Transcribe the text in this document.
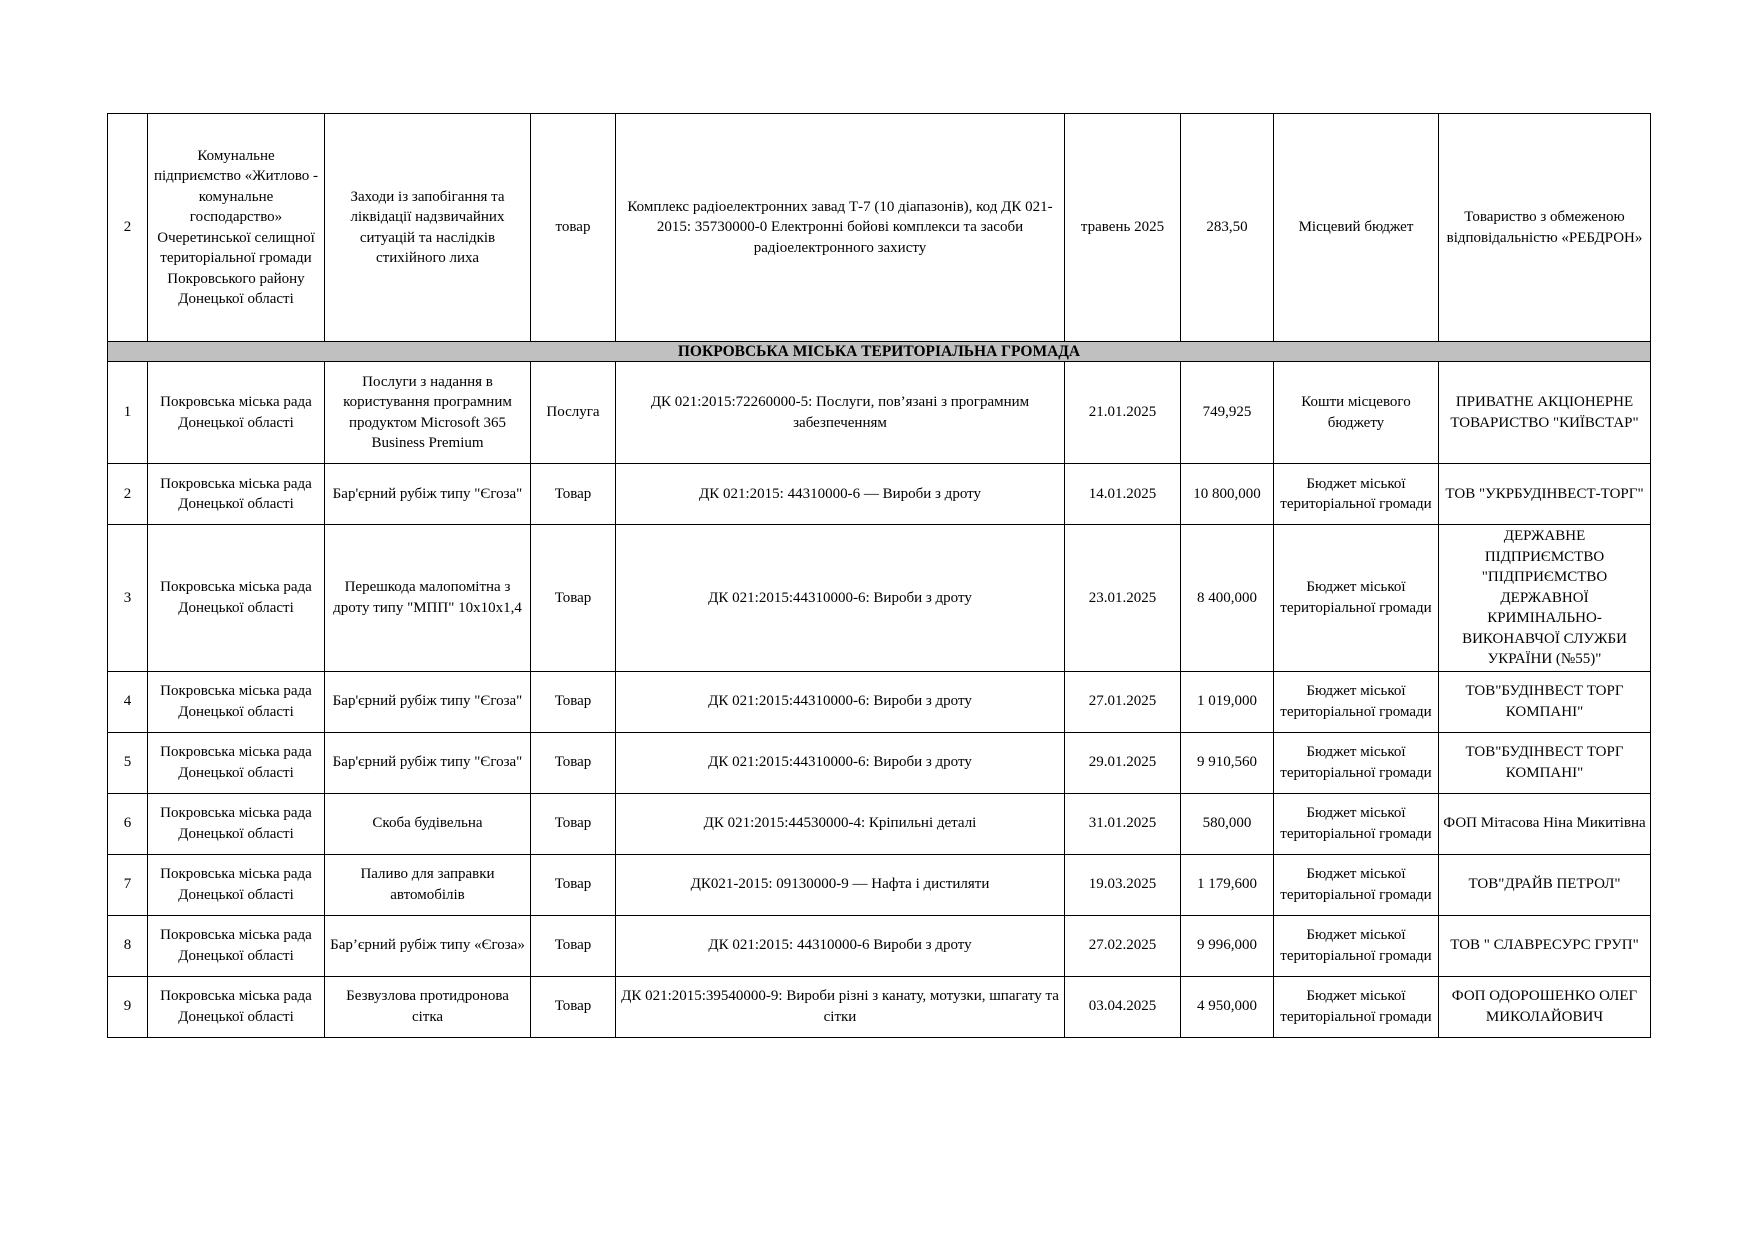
2	Комунальне підприємство «Житлово - комунальне господарство» Очеретинської селищної територіальної громади Покровського району Донецької області	Заходи із запобігання та ліквідації надзвичайних ситуацій та наслідків стихійного лиха	товар	Комплекс радіоелектронних завад Т-7 (10 діапазонів), код ДК 021-2015: 35730000-0 Електронні бойові комплекси та засоби радіоелектронного захисту	травень 2025	283,50	Місцевий бюджет	Товариство з обмеженою відповідальністю «РЕБДРОН»
ПОКРОВСЬКА МІСЬКА ТЕРИТОРІАЛЬНА ГРОМАДА								
1	Покровська міська рада Донецької області	Послуги з надання в користування програмним продуктом Microsoft 365 Business Premium	Послуга	ДК 021:2015:72260000-5: Послуги, пов’язані з програмним забезпеченням	21.01.2025	749,925	Кошти місцевого бюджету	ПРИВАТНЕ АКЦІОНЕРНЕ ТОВАРИСТВО "КИЇВСТАР"
2	Покровська міська рада Донецької області	Бар'єрний рубіж типу "Єгоза"	Товар	ДК 021:2015: 44310000-6 — Вироби з дроту	14.01.2025	10 800,000	Бюджет міської територіальної громади	ТОВ "УКРБУДІНВЕСТ-ТОРГ"
3	Покровська міська рада Донецької області	Перешкода малопомітна з дроту типу "МПП" 10х10х1,4	Товар	ДК 021:2015:44310000-6: Вироби з дроту	23.01.2025	8 400,000	Бюджет міської територіальної громади	ДЕРЖАВНЕ ПІДПРИЄМСТВО "ПІДПРИЄМСТВО ДЕРЖАВНОЇ КРИМІНАЛЬНО-ВИКОНАВЧОЇ СЛУЖБИ УКРАЇНИ (№55)"
4	Покровська міська рада Донецької області	Бар'єрний рубіж типу "Єгоза"	Товар	ДК 021:2015:44310000-6: Вироби з дроту	27.01.2025	1 019,000	Бюджет міської територіальної громади	ТОВ"БУДІНВЕСТ ТОРГ КОМПАНІ"
5	Покровська міська рада Донецької області	Бар'єрний рубіж типу "Єгоза"	Товар	ДК 021:2015:44310000-6: Вироби з дроту	29.01.2025	9 910,560	Бюджет міської територіальної громади	ТОВ"БУДІНВЕСТ ТОРГ КОМПАНІ"
6	Покровська міська рада Донецької області	Скоба будівельна	Товар	ДК 021:2015:44530000-4: Кріпильні деталі	31.01.2025	580,000	Бюджет міської територіальної громади	ФОП Мітасова Ніна Микитівна
7	Покровська міська рада Донецької області	Паливо для заправки автомобілів	Товар	ДК021-2015: 09130000-9 — Нафта і дистиляти	19.03.2025	1 179,600	Бюджет міської територіальної громади	ТОВ"ДРАЙВ ПЕТРОЛ"
8	Покровська міська рада Донецької області	Бар’єрний рубіж типу «Єгоза»	Товар	ДК 021:2015: 44310000-6 Вироби з дроту	27.02.2025	9 996,000	Бюджет міської територіальної громади	ТОВ " СЛАВРЕСУРС ГРУП"
9	Покровська міська рада Донецької області	Безвузлова протидронова сітка	Товар	ДК 021:2015:39540000-9: Вироби різні з канату, мотузки, шпагату та сітки	03.04.2025	4 950,000	Бюджет міської територіальної громади	ФОП ОДОРОШЕНКО ОЛЕГ МИКОЛАЙОВИЧ
